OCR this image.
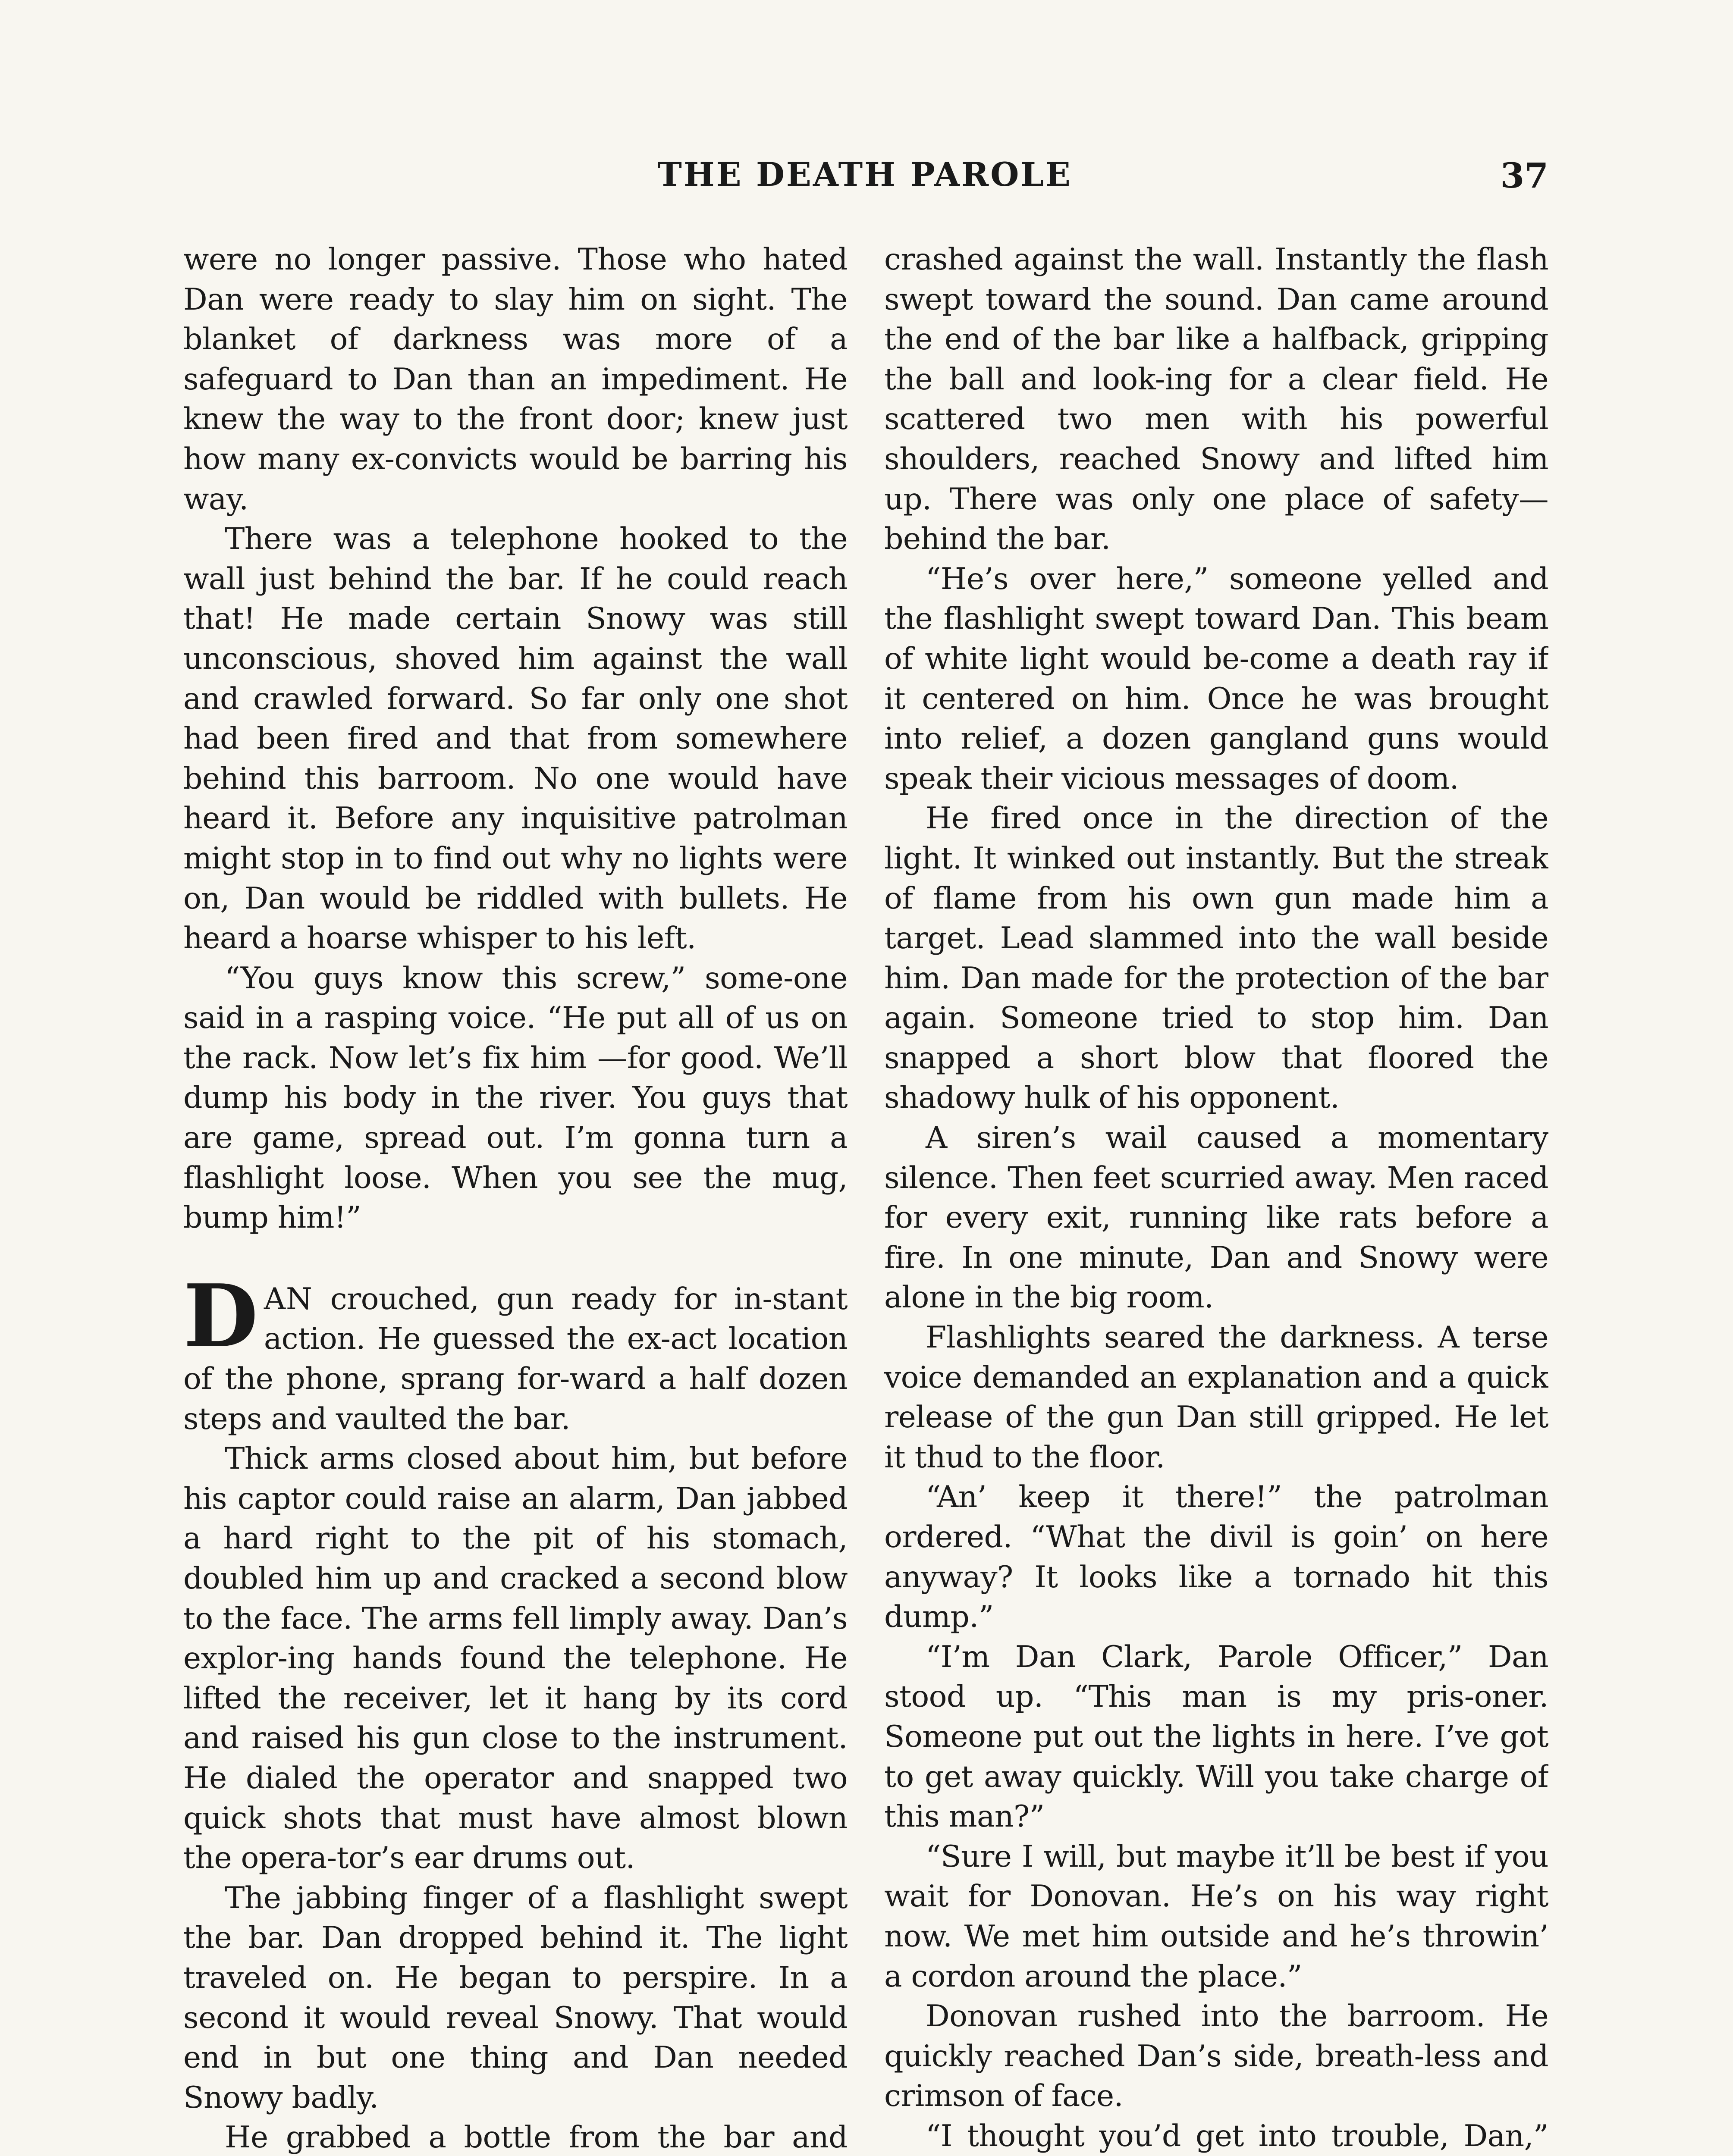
THE DEATH PAROLE	37

were no longer passive. Those who hated Dan were ready to slay him on sight. The blanket of darkness was more of a safeguard to Dan than an impediment. He knew the way to the front door; knew just how many ex-convicts would be barring his way.

There was a telephone hooked to the wall just behind the bar. If he could reach that! He made certain Snowy was still unconscious, shoved him against the wall and crawled forward. So far only one shot had been fired and that from somewhere behind this barroom. No one would have heard it. Before any inquisitive patrolman might stop in to find out why no lights were on, Dan would be riddled with bullets. He heard a hoarse whisper to his left.

“You guys know this screw,” some-one said in a rasping voice. “He put all of us on the rack. Now let’s fix him —for good. We’ll dump his body in the river. You guys that are game, spread out. I’m gonna turn a flashlight loose. When you see the mug, bump him!”

DAN crouched, gun ready for in-stant action. He guessed the ex-act location of the phone, sprang for-ward a half dozen steps and vaulted the bar.

Thick arms closed about him, but before his captor could raise an alarm, Dan jabbed a hard right to the pit of his stomach, doubled him up and cracked a second blow to the face. The arms fell limply away. Dan’s explor-ing hands found the telephone. He lifted the receiver, let it hang by its cord and raised his gun close to the instrument. He dialed the operator and snapped two quick shots that must have almost blown the opera-tor’s ear drums out.

The jabbing finger of a flashlight swept the bar. Dan dropped behind it. The light traveled on. He began to perspire. In a second it would reveal Snowy. That would end in but one thing and Dan needed Snowy badly.

He grabbed a bottle from the bar and

crashed against the wall. Instantly the flash swept toward the sound. Dan came around the end of the bar like a halfback, gripping the ball and look-ing for a clear field. He scattered two men with his powerful shoulders, reached Snowy and lifted him up. There was only one place of safety— behind the bar.

“He’s over here,” someone yelled and the flashlight swept toward Dan. This beam of white light would be-come a death ray if it centered on him. Once he was brought into relief, a dozen gangland guns would speak their vicious messages of doom.

He fired once in the direction of the light. It winked out instantly. But the streak of flame from his own gun made him a target. Lead slammed into the wall beside him. Dan made for the protection of the bar again. Someone tried to stop him. Dan snapped a short blow that floored the shadowy hulk of his opponent.

A siren’s wail caused a momentary silence. Then feet scurried away. Men raced for every exit, running like rats before a fire. In one minute, Dan and Snowy were alone in the big room.

Flashlights seared the darkness. A terse voice demanded an explanation and a quick release of the gun Dan still gripped. He let it thud to the floor.

“An’ keep it there!” the patrolman ordered. “What the divil is goin’ on here anyway? It looks like a tornado hit this dump.”

“I’m Dan Clark, Parole Officer,” Dan stood up. “This man is my pris-oner. Someone put out the lights in here. I’ve got to get away quickly. Will you take charge of this man?”

“Sure I will, but maybe it’ll be best if you wait for Donovan. He’s on his way right now. We met him outside and he’s throwin’ a cordon around the place.”

Donovan rushed into the barroom. He quickly reached Dan’s side, breath-less and crimson of face.

“I thought you’d get into trouble, Dan,”
